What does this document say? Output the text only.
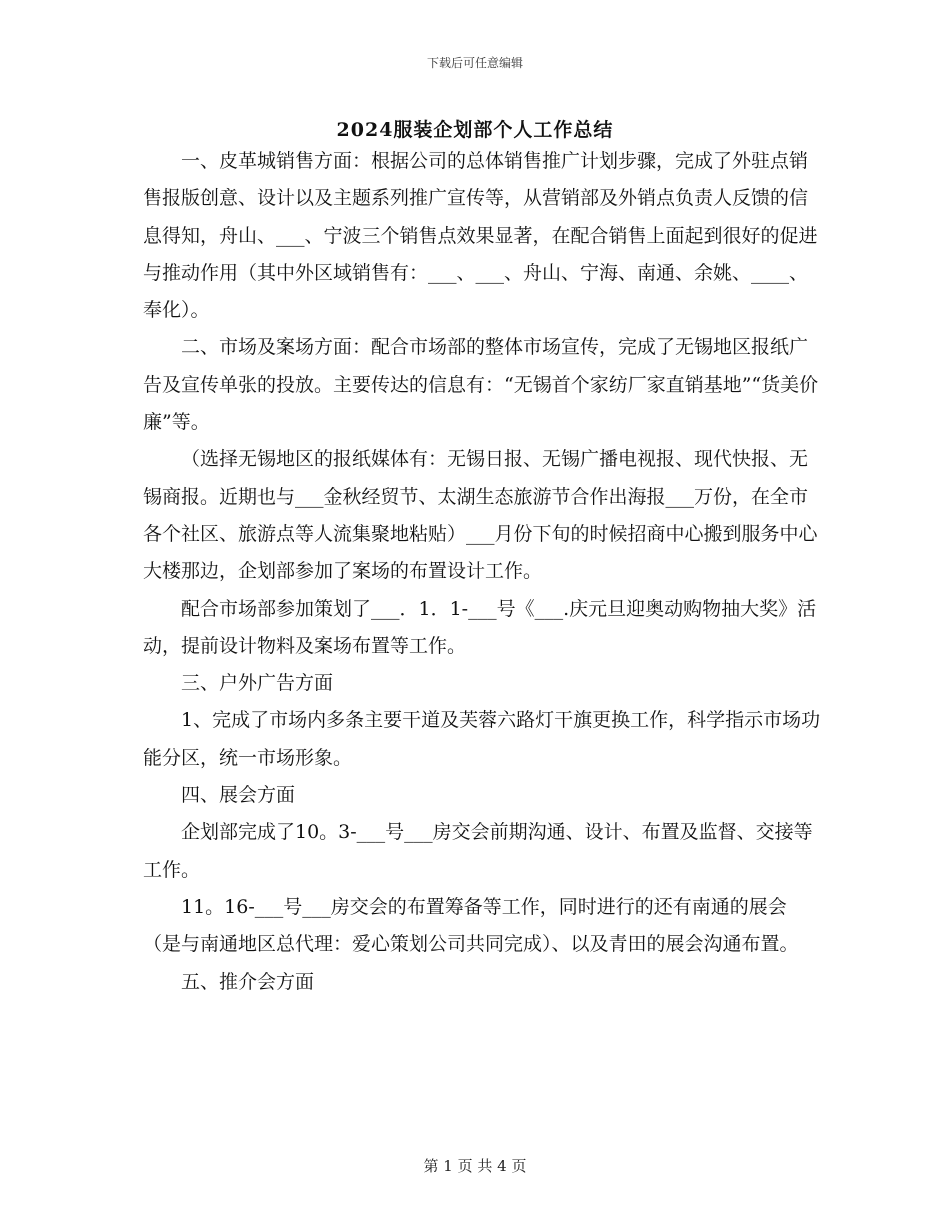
下载后可任意编辑
2024服装企划部个人工作总结

一、皮革城销售方面：根据公司的总体销售推广计划步骤，完成了外驻点销售报版创意、设计以及主题系列推广宣传等，从营销部及外销点负责人反馈的信息得知，舟山、___、宁波三个销售点效果显著，在配合销售上面起到很好的促进与推动作用（其中外区域销售有：___、___、舟山、宁海、南通、余姚、____、奉化）。

二、市场及案场方面：配合市场部的整体市场宣传，完成了无锡地区报纸广告及宣传单张的投放。主要传达的信息有：“无锡首个家纺厂家直销基地”“货美价廉”等。

（选择无锡地区的报纸媒体有：无锡日报、无锡广播电视报、现代快报、无锡商报。近期也与___金秋经贸节、太湖生态旅游节合作出海报___万份，在全市各个社区、旅游点等人流集聚地粘贴）___月份下旬的时候招商中心搬到服务中心大楼那边，企划部参加了案场的布置设计工作。

配合市场部参加策划了___．1．1-___号《___.庆元旦迎奥动购物抽大奖》活动，提前设计物料及案场布置等工作。

三、户外广告方面

1、完成了市场内多条主要干道及芙蓉六路灯干旗更换工作，科学指示市场功能分区，统一市场形象。

四、展会方面

企划部完成了10。3-___号___房交会前期沟通、设计、布置及监督、交接等工作。

11。16-___号___房交会的布置筹备等工作，同时进行的还有南通的展会（是与南通地区总代理：爱心策划公司共同完成）、以及青田的展会沟通布置。

五、推介会方面

第 1 页 共 4 页
